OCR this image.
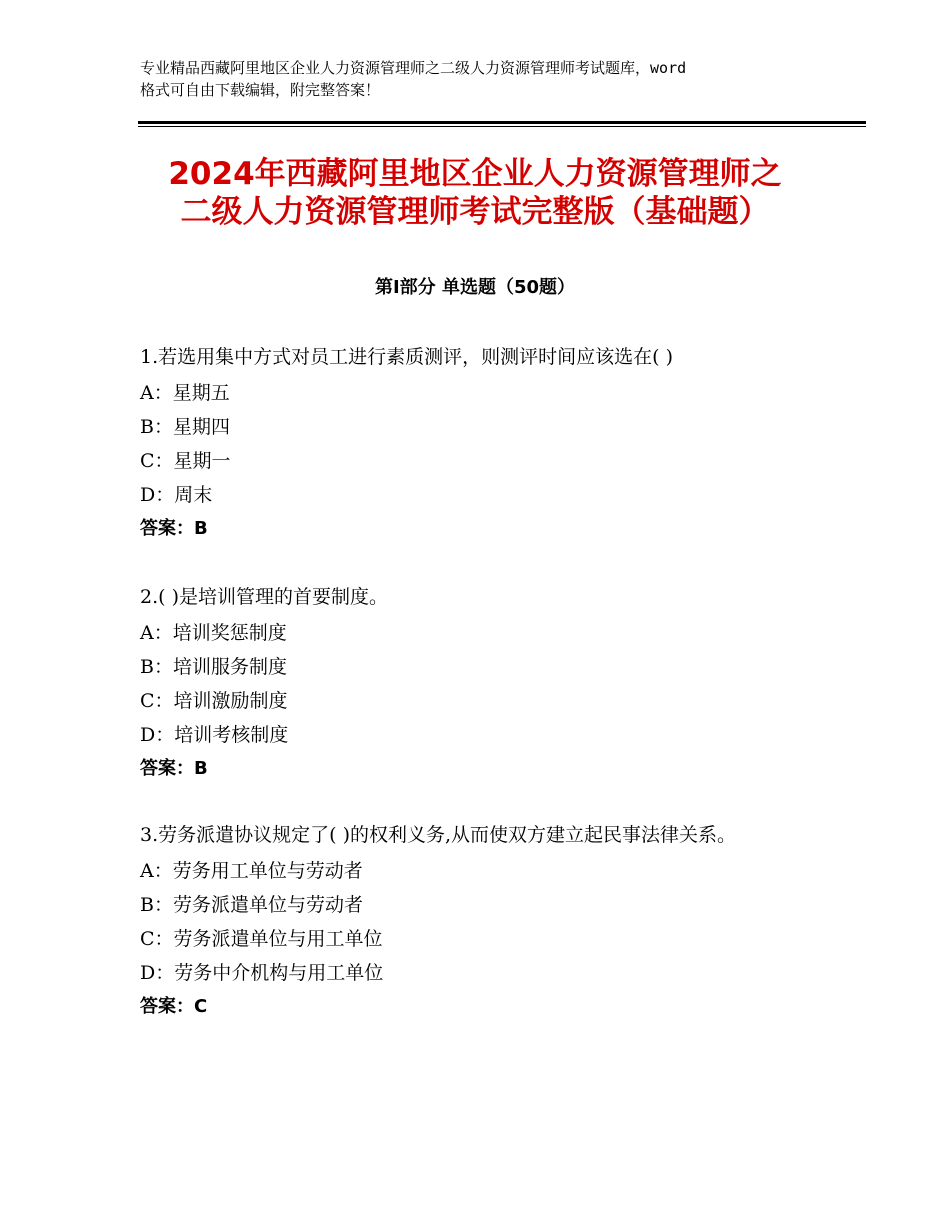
专业精品西藏阿里地区企业人力资源管理师之二级人力资源管理师考试题库，word
格式可自由下载编辑，附完整答案！
2024年西藏阿里地区企业人力资源管理师之
二级人力资源管理师考试完整版（基础题）
第Ⅰ部分 单选题（50题）
1.若选用集中方式对员工进行素质测评，则测评时间应该选在( )
A：星期五
B：星期四
C：星期一
D：周末
答案：B
2.( )是培训管理的首要制度。
A：培训奖惩制度
B：培训服务制度
C：培训激励制度
D：培训考核制度
答案：B
3.劳务派遣协议规定了( )的权利义务,从而使双方建立起民事法律关系。
A：劳务用工单位与劳动者
B：劳务派遣单位与劳动者
C：劳务派遣单位与用工单位
D：劳务中介机构与用工单位
答案：C
